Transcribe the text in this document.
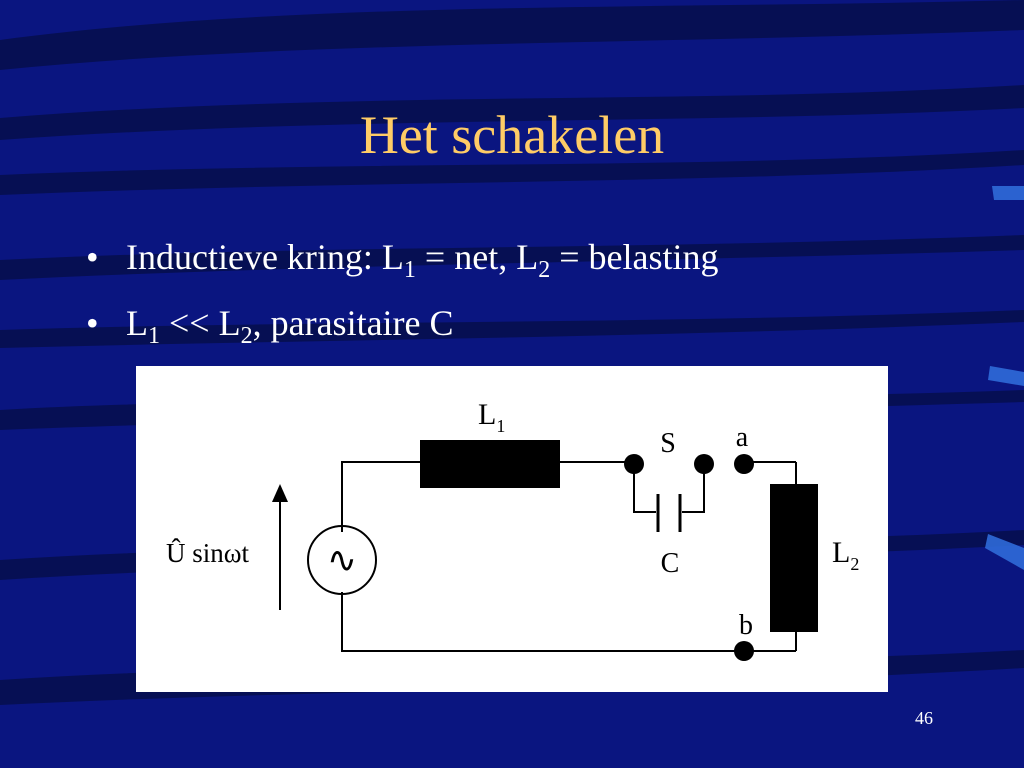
Het schakelen
• Inductieve kring: $L_1$ = net, $L_2$ = belasting
• $L_1 << L_2$, parasitaire C
∿
Û sinωt
$L_1$
S
C
a
b
$L_2$
46
